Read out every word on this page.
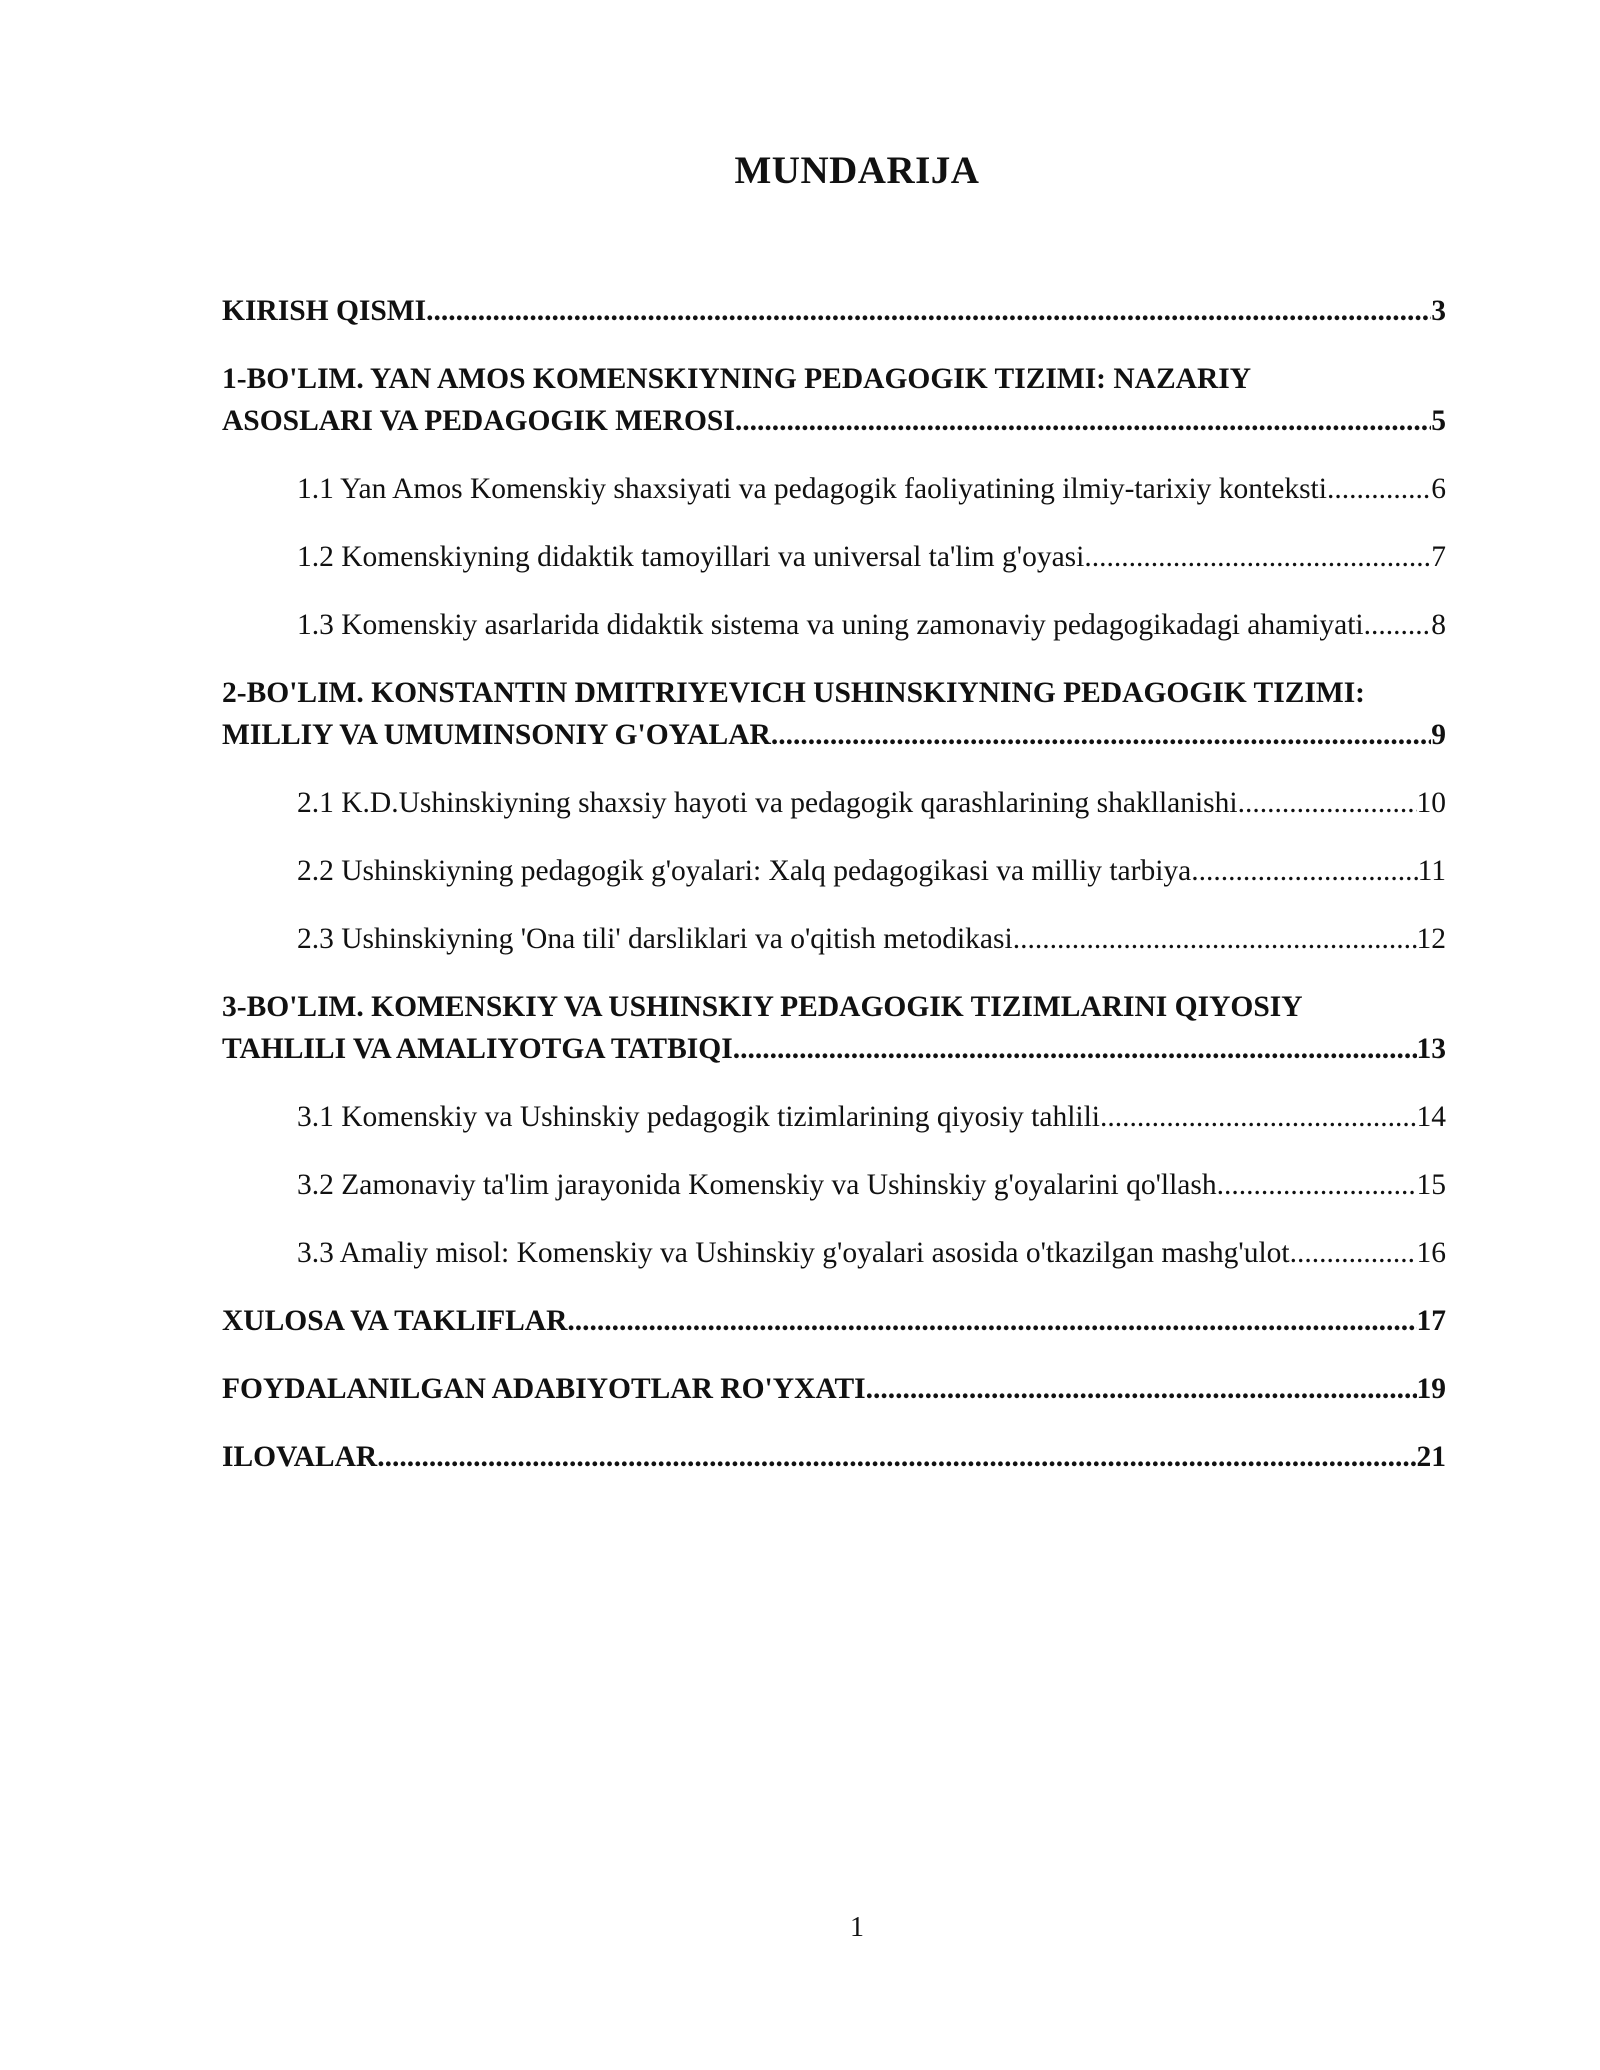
MUNDARIJA
KIRISH QISMI .....	3
1-BO'LIM. YAN AMOS KOMENSKIYNING PEDAGOGIK TIZIMI: NAZARIY
ASOSLARI VA PEDAGOGIK MEROSI .....	5
1.1 Yan Amos Komenskiy shaxsiyati va pedagogik faoliyatining ilmiy-tarixiy konteksti .....	6
1.2 Komenskiyning didaktik tamoyillari va universal ta'lim g'oyasi .....	7
1.3 Komenskiy asarlarida didaktik sistema va uning zamonaviy pedagogikadagi ahamiyati .....	8
2-BO'LIM. KONSTANTIN DMITRIYEVICH USHINSKIYNING PEDAGOGIK TIZIMI:
MILLIY VA UMUMINSONIY G'OYALAR .....	9
2.1 K.D.Ushinskiyning shaxsiy hayoti va pedagogik qarashlarining shakllanishi .....	10
2.2 Ushinskiyning pedagogik g'oyalari: Xalq pedagogikasi va milliy tarbiya .....	11
2.3 Ushinskiyning 'Ona tili' darsliklari va o'qitish metodikasi .....	12
3-BO'LIM. KOMENSKIY VA USHINSKIY PEDAGOGIK TIZIMLARINI QIYOSIY
TAHLILI VA AMALIYOTGA TATBIQI .....	13
3.1 Komenskiy va Ushinskiy pedagogik tizimlarining qiyosiy tahlili .....	14
3.2 Zamonaviy ta'lim jarayonida Komenskiy va Ushinskiy g'oyalarini qo'llash .....	15
3.3 Amaliy misol: Komenskiy va Ushinskiy g'oyalari asosida o'tkazilgan mashg'ulot .....	16
XULOSA VA TAKLIFLAR .....	17
FOYDALANILGAN ADABIYOTLAR RO'YXATI .....	19
ILOVALAR .....	21
1
